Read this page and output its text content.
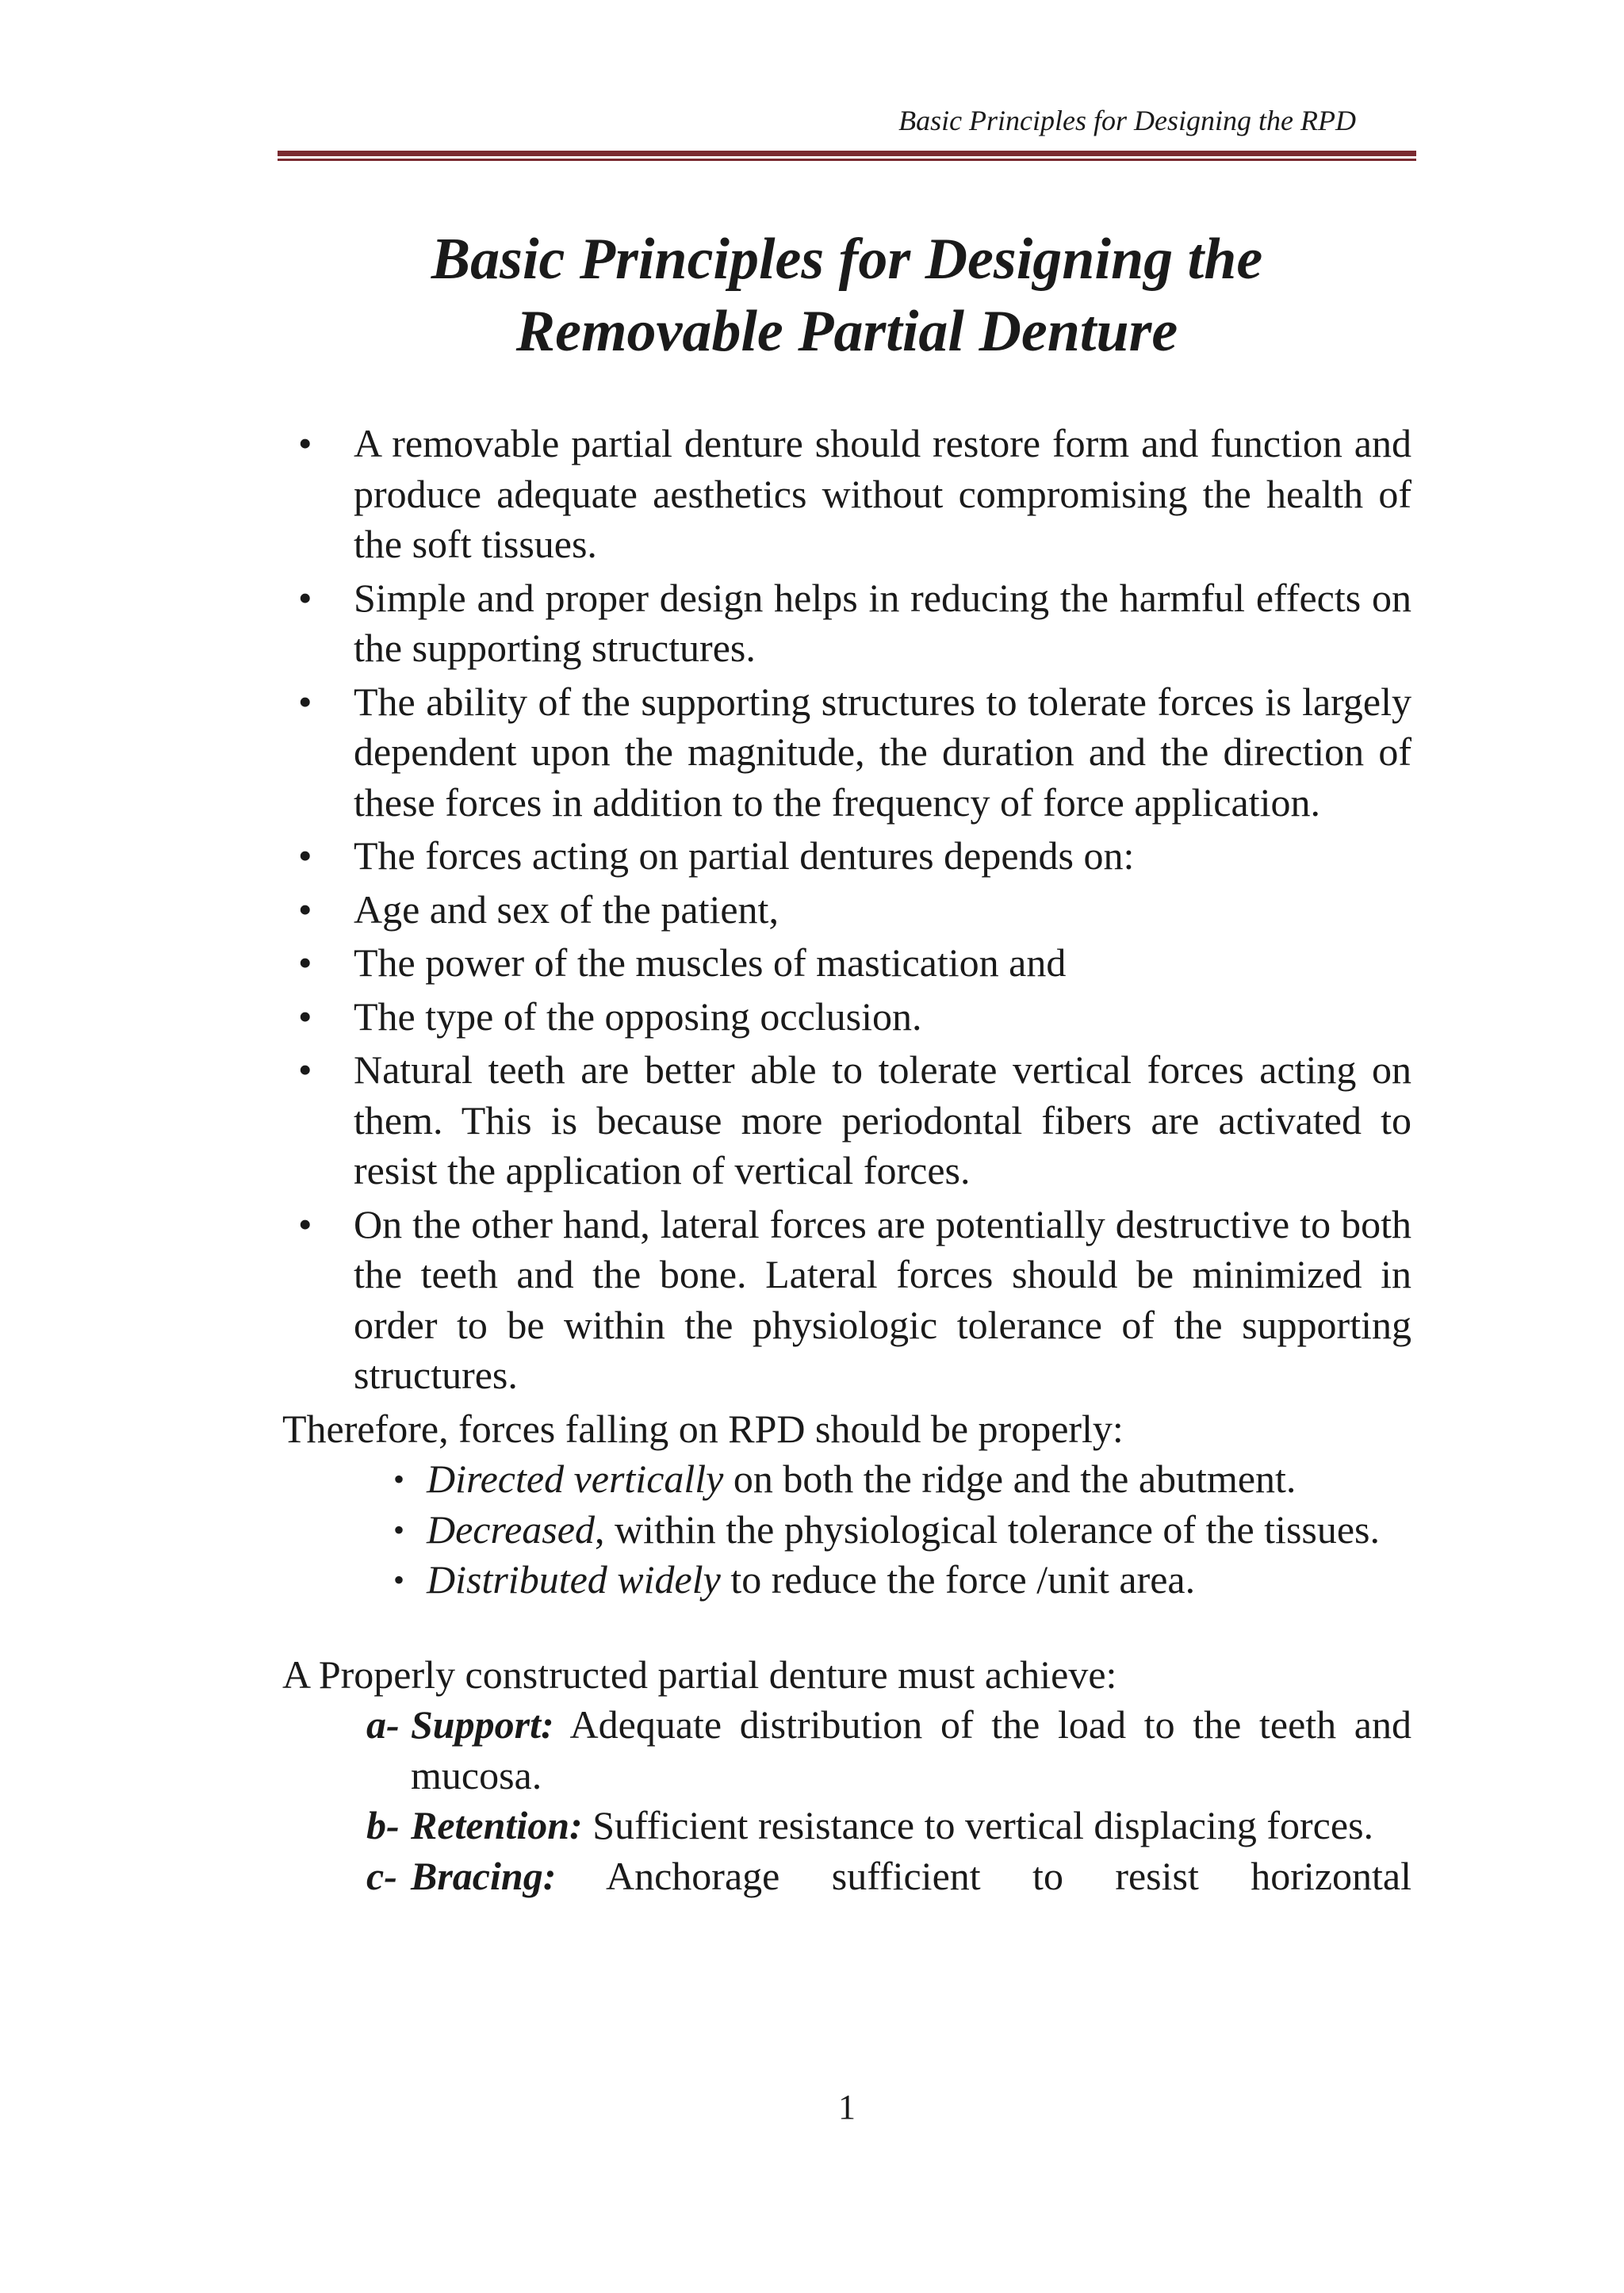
Basic Principles for Designing the RPD
Basic Principles for Designing the
Removable Partial Denture
• A removable partial denture should restore form and function and produce adequate aesthetics without compromising the health of the soft tissues.
• Simple and proper design helps in reducing the harmful effects on the supporting structures.
• The ability of the supporting structures to tolerate forces is largely dependent upon the magnitude, the duration and the direction of these forces in addition to the frequency of force application.
• The forces acting on partial dentures depends on:
• Age and sex of the patient,
• The power of the muscles of mastication and
• The type of the opposing occlusion.
• Natural teeth are better able to tolerate vertical forces acting on them. This is because more periodontal fibers are activated to resist the application of vertical forces.
• On the other hand, lateral forces are potentially destructive to both the teeth and the bone. Lateral forces should be minimized in order to be within the physiologic tolerance of the supporting structures.

Therefore, forces falling on RPD should be properly:

• Directed vertically on both the ridge and the abutment.
• Decreased, within the physiological tolerance of the tissues.
• Distributed widely to reduce the force /unit area.

A Properly constructed partial denture must achieve:

a- Support: Adequate distribution of the load to the teeth and mucosa.
b- Retention: Sufficient resistance to vertical displacing forces.
c- Bracing: Anchorage sufficient to resist horizontal
1
